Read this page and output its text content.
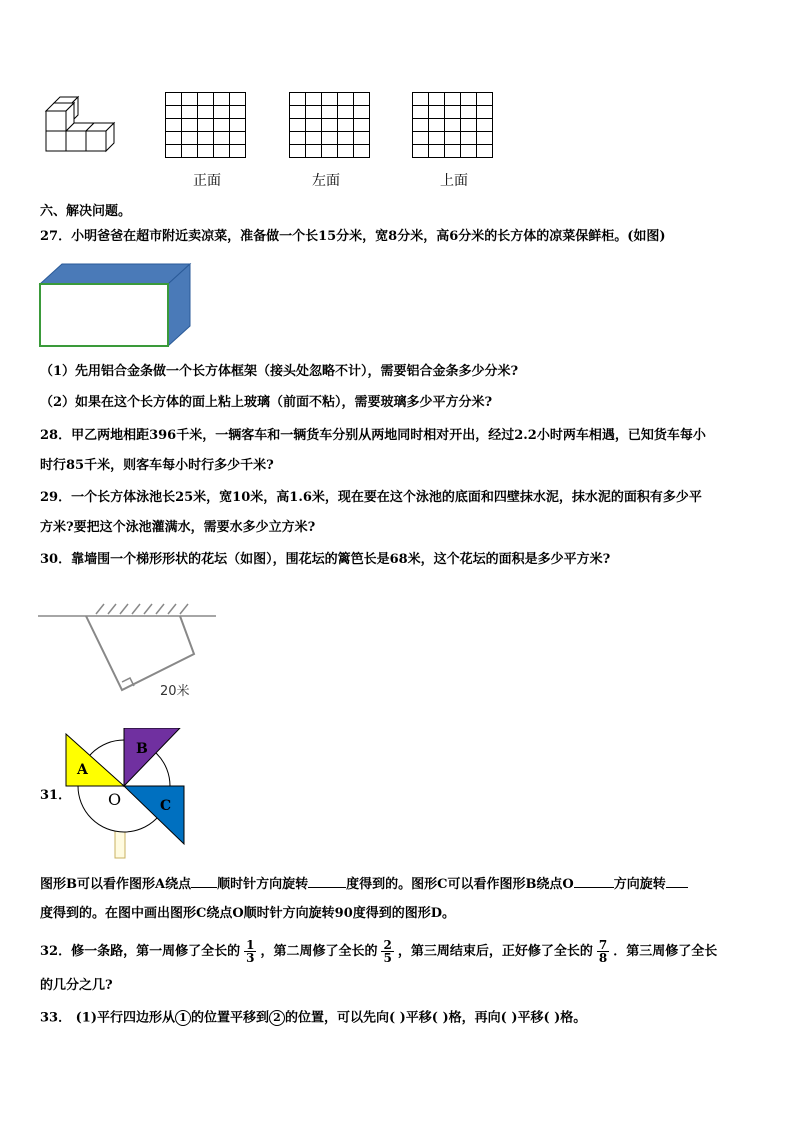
正面	左面	上面
六、解决问题。
27．小明爸爸在超市附近卖凉菜，准备做一个长15分米，宽8分米，高6分米的长方体的凉菜保鲜柜。(如图)
（1）先用铝合金条做一个长方体框架（接头处忽略不计），需要铝合金条多少分米?
（2）如果在这个长方体的面上粘上玻璃（前面不粘），需要玻璃多少平方分米?
28．甲乙两地相距396千米，一辆客车和一辆货车分别从两地同时相对开出，经过2.2小时两车相遇，已知货车每小
时行85千米，则客车每小时行多少千米?
29．一个长方体泳池长25米，宽10米，高1.6米，现在要在这个泳池的底面和四壁抹水泥，抹水泥的面积有多少平
方米?要把这个泳池灌满水，需要水多少立方米?
30．靠墙围一个梯形形状的花坛（如图），围花坛的篱笆长是68米，这个花坛的面积是多少平方米?
20米
31．
A
B
C
O
图形B可以看作图形A绕点 顺时针方向旋转	度得到的。图形C可以看作图形B绕点O	方向旋转
度得到的。在图中画出图形C绕点O顺时针方向旋转90度得到的图形D。
32．修一条路，第一周修了全长的 $\frac{1}{3}$ ，第二周修了全长的 $\frac{2}{5}$ ，第三周结束后，正好修了全长的 $\frac{7}{8}$ ．第三周修了全长
的几分之几?
33． (1)平行四边形从 1 的位置平移到 2 的位置，可以先向( )平移( )格，再向( )平移( )格。
